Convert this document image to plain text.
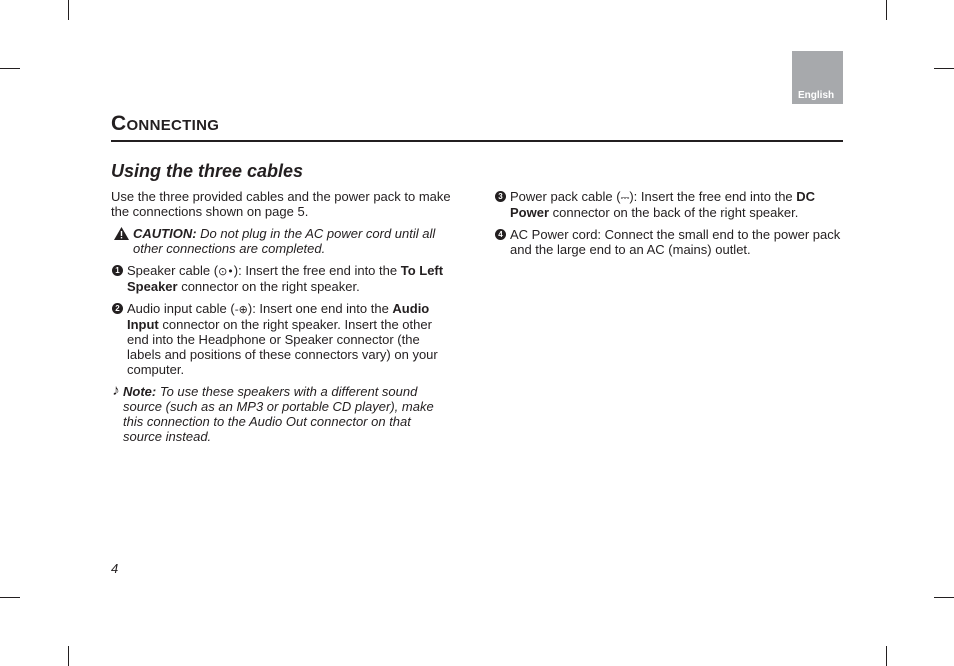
English
Connecting
Using the three cables

Use the three provided cables and the power pack to make the connections shown on page 5.

CAUTION: Do not plug in the AC power cord until all other connections are completed.

1 Speaker cable (⊙•): Insert the free end into the To Left Speaker connector on the right speaker.

2 Audio input cable (-⊕): Insert one end into the Audio Input connector on the right speaker. Insert the other end into the Headphone or Speaker connector (the labels and positions of these connectors vary) on your computer.

♪ Note: To use these speakers with a different sound source (such as an MP3 or portable CD player), make this connection to the Audio Out connector on that source instead.

3 Power pack cable (⎓): Insert the free end into the DC Power connector on the back of the right speaker.

4 AC Power cord: Connect the small end to the power pack and the large end to an AC (mains) outlet.

4
